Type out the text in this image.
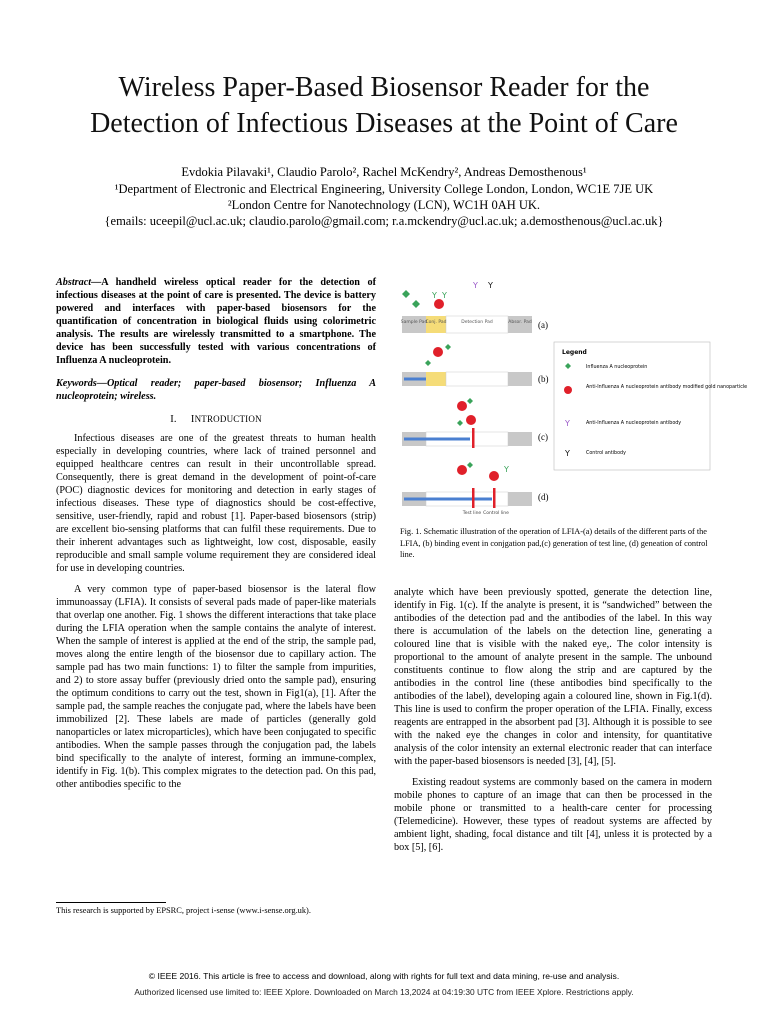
Wireless Paper-Based Biosensor Reader for the
Detection of Infectious Diseases at the Point of Care
Evdokia Pilavaki¹, Claudio Parolo², Rachel McKendry², Andreas Demosthenous¹
¹Department of Electronic and Electrical Engineering, University College London, London, WC1E 7JE UK
²London Centre for Nanotechnology (LCN), WC1H 0AH UK.
{emails: uceepil@ucl.ac.uk; claudio.parolo@gmail.com; r.a.mckendry@ucl.ac.uk; a.demosthenous@ucl.ac.uk}
Abstract—A handheld wireless optical reader for the detection of infectious diseases at the point of care is presented. The device is battery powered and interfaces with paper-based biosensors for the quantification of concentration in biological fluids using colorimetric analysis. The results are wirelessly transmitted to a smartphone. The device has been successfully tested with various concentrations of Influenza A nucleoprotein.
Keywords—Optical reader; paper-based biosensor; Influenza A nucleoprotein; wireless.
I. INTRODUCTION

Infectious diseases are one of the greatest threats to human health especially in developing countries, where lack of trained personnel and equipped healthcare centres can result in their uncontrollable spread. Consequently, there is great demand in the development of point-of-care (POC) diagnostic devices for monitoring and detection in early stages of infectious diseases. These type of diagnostics should be cost-effective, sensitive, user-friendly, rapid and robust [1]. Paper-based biosensors (strip) are excellent bio-sensing platforms that can fulfil these requirements. Due to their inherent advantages such as lightweight, low cost, disposable, easily reproducible and small sample volume requirement they are considered ideal for use in developing countries.

A very common type of paper-based biosensor is the lateral flow immunoassay (LFIA). It consists of several pads made of paper-like materials that overlap one another. Fig. 1 shows the different interactions that take place during the LFIA operation when the sample contains the analyte of interest. When the sample of interest is applied at the end of the strip, the sample pad, moves along the entire length of the biosensor due to capillary action. The sample pad has two main functions: 1) to filter the sample from impurities, and 2) to store assay buffer (previously dried onto the sample pad), ensuring the optimum conditions to carry out the test, shown in Fig1(a), [1]. After the sample pad, the sample reaches the conjugate pad, where the labels have been immobilized [2]. These labels are made of particles (generally gold nanoparticles or latex microparticles), which have been conjugated to specific antibodies. When the sample passes through the conjugation pad, the labels bind specifically to the analyte of interest, forming an immune-complex, identify in Fig. 1(b). This complex migrates to the detection pad. On this pad, other antibodies specific to the

This research is supported by EPSRC, project i-sense (www.i-sense.org.uk).
Y Y
Y Y
Sample Pad
Conj. Pad	Detection Pad	Absor. Pad (a)
Legend
Influenza A nucleoprotein
Anti-Influenza A nucleoprotein antibody modified gold nanoparticle
Y	Anti-Influenza A nucleoprotein antibody
Y	Control antibody
(b)
(c)
Y
Test line Control line
(d)
Fig. 1. Schematic illustration of the operation of LFIA-(a) details of the different parts of the LFIA, (b) binding event in conjgation pad,(c) generation of test line, (d) geneation of control line.

analyte which have been previously spotted, generate the detection line, identify in Fig. 1(c). If the analyte is present, it is “sandwiched” between the antibodies of the detection pad and the antibodies of the label. In this way there is accumulation of the labels on the detection line, generating a coloured line that is visible with the naked eye,. The color intensity is proportional to the amount of analyte present in the sample. The unbound constituents continue to flow along the strip and are captured by the antibodies in the control line (these antibodies bind specifically to the antibodies of the label), developing again a coloured line, shown in Fig.1(d). This line is used to confirm the proper operation of the LFIA. Finally, excess reagents are entrapped in the absorbent pad [3]. Although it is possible to see with the naked eye the changes in color and intensity, for quantitative analysis of the color intensity an external electronic reader that can interface with the paper-based biosensors is needed [3], [4], [5].

Existing readout systems are commonly based on the camera in modern mobile phones to capture of an image that can then be processed in the mobile phone or transmitted to a health-care center for processing (Telemedicine). However, these types of readout systems are affected by ambient light, shading, focal distance and tilt [4], unless it is protected by a box [5], [6].

© IEEE 2016. This article is free to access and download, along with rights for full text and data mining, re-use and analysis.
Authorized licensed use limited to: IEEE Xplore. Downloaded on March 13,2024 at 04:19:30 UTC from IEEE Xplore. Restrictions apply.
